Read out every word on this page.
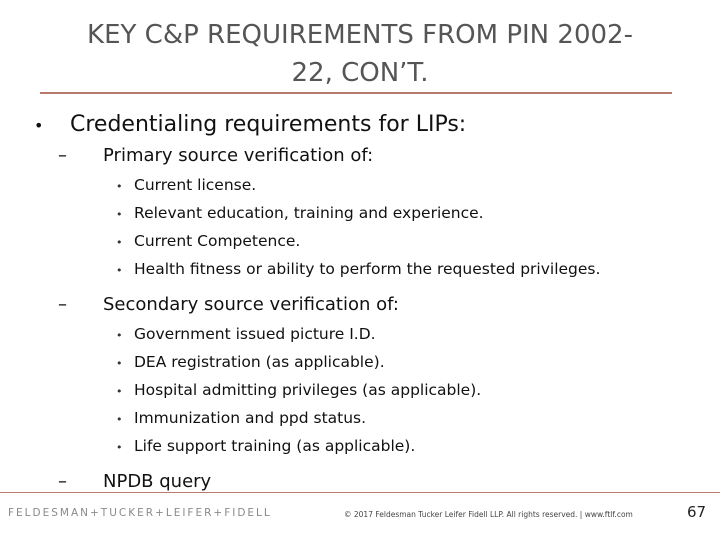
KEY C&P REQUIREMENTS FROM PIN 2002-
22, CON’T.
•	Credentialing requirements for LIPs:
–	Primary source verification of:
• Current license.
• Relevant education, training and experience.
• Current Competence.
• Health fitness or ability to perform the requested privileges.
–	Secondary source verification of:
• Government issued picture I.D.
• DEA registration (as applicable).
• Hospital admitting privileges (as applicable).
• Immunization and ppd status.
• Life support training (as applicable).
–	NPDB query
FELDESMAN+TUCKER+LEIFER+FIDELL	© 2017 Feldesman Tucker Leifer Fidell LLP. All rights reserved. | www.ftlf.com	67
